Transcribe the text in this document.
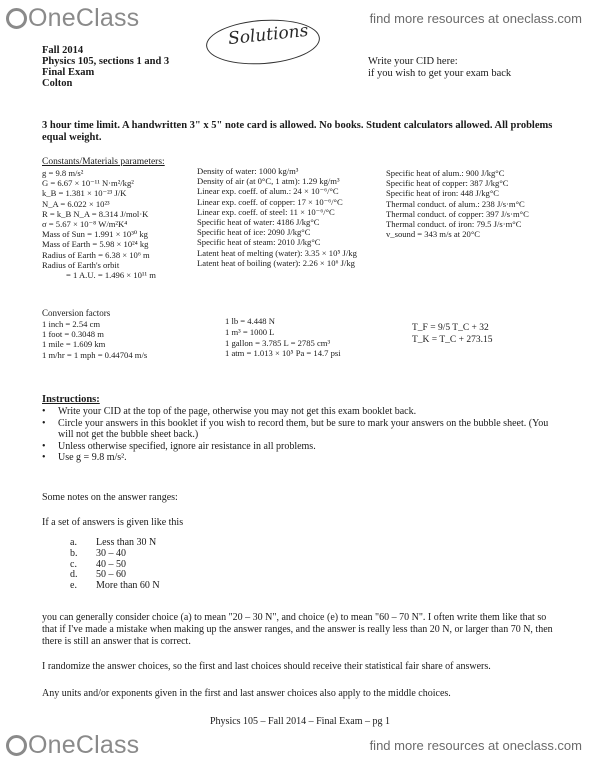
OneClass	find more resources at oneclass.com
Solutions
Fall 2014
Physics 105, sections 1 and 3
Final Exam
Colton
Write your CID here:
if you wish to get your exam back
3 hour time limit. A handwritten 3" x 5" note card is allowed. No books. Student calculators allowed. All problems equal weight.
Constants/Materials parameters:
g = 9.8 m/s²
G = 6.67 × 10⁻¹¹ N·m²/kg²
k_B = 1.381 × 10⁻²³ J/K
N_A = 6.022 × 10²³
R = k_B N_A = 8.314 J/mol·K
σ = 5.67 × 10⁻⁸ W/m²K⁴
Mass of Sun = 1.991 × 10³⁰ kg
Mass of Earth = 5.98 × 10²⁴ kg
Radius of Earth = 6.38 × 10⁶ m
Radius of Earth's orbit
= 1 A.U. = 1.496 × 10¹¹ m
Density of water: 1000 kg/m³
Density of air (at 0°C, 1 atm): 1.29 kg/m³
Linear exp. coeff. of alum.: 24 × 10⁻⁶/°C
Linear exp. coeff. of copper: 17 × 10⁻⁶/°C
Linear exp. coeff. of steel: 11 × 10⁻⁶/°C
Specific heat of water: 4186 J/kg°C
Specific heat of ice: 2090 J/kg°C
Specific heat of steam: 2010 J/kg°C
Latent heat of melting (water): 3.35 × 10⁵ J/kg
Latent heat of boiling (water): 2.26 × 10⁶ J/kg
Specific heat of alum.: 900 J/kg°C
Specific heat of copper: 387 J/kg°C
Specific heat of iron: 448 J/kg°C
Thermal conduct. of alum.: 238 J/s·m°C
Thermal conduct. of copper: 397 J/s·m°C
Thermal conduct. of iron: 79.5 J/s·m°C
v_sound = 343 m/s at 20°C
Conversion factors
1 inch = 2.54 cm
1 foot = 0.3048 m
1 mile = 1.609 km
1 m/hr = 1 mph = 0.44704 m/s
1 lb = 4.448 N
1 m³ = 1000 L
1 gallon = 3.785 L = 2785 cm³
1 atm = 1.013 × 10⁵ Pa = 14.7 psi
T_F = 9/5 T_C + 32
T_K = T_C + 273.15
Instructions:
• Write your CID at the top of the page, otherwise you may not get this exam booklet back.
• Circle your answers in this booklet if you wish to record them, but be sure to mark your answers on the bubble sheet. (You will not get the bubble sheet back.)
• Unless otherwise specified, ignore air resistance in all problems.
• Use g = 9.8 m/s².
Some notes on the answer ranges:
If a set of answers is given like this
a.	Less than 30 N
b.	30 – 40
c.	40 – 50
d.	50 – 60
e.	More than 60 N
you can generally consider choice (a) to mean "20 – 30 N", and choice (e) to mean "60 – 70 N". I often write them like that so that if I've made a mistake when making up the answer ranges, and the answer is really less than 20 N, or larger than 70 N, then there is still an answer that is correct.
I randomize the answer choices, so the first and last choices should receive their statistical fair share of answers.
Any units and/or exponents given in the first and last answer choices also apply to the middle choices.
Physics 105 – Fall 2014 – Final Exam – pg 1
OneClass	find more resources at oneclass.com
